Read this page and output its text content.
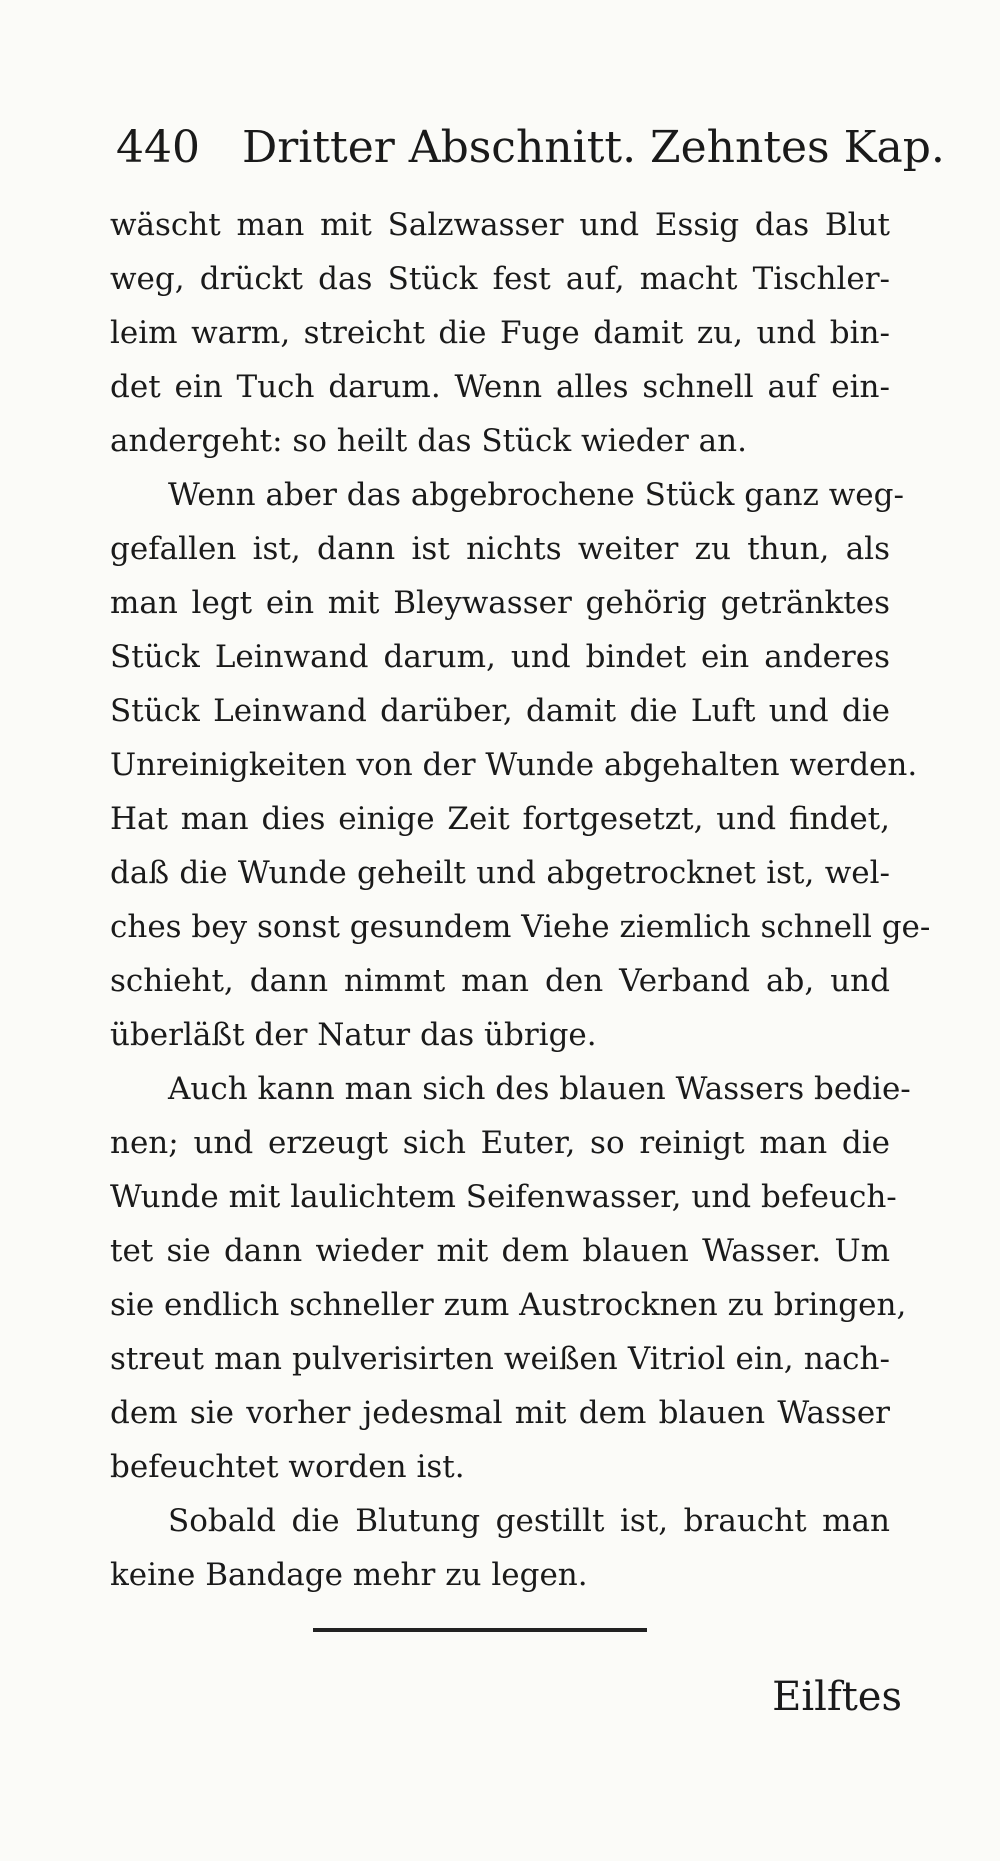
440 Dritter Abschnitt. Zehntes Kap.
wäscht man mit Salzwasser und Essig das Blut
weg, drückt das Stück fest auf, macht Tischler-
leim warm, streicht die Fuge damit zu, und bin-
det ein Tuch darum. Wenn alles schnell auf ein-
andergeht: so heilt das Stück wieder an.
Wenn aber das abgebrochene Stück ganz weg-
gefallen ist, dann ist nichts weiter zu thun, als
man legt ein mit Bleywasser gehörig getränktes
Stück Leinwand darum, und bindet ein anderes
Stück Leinwand darüber, damit die Luft und die
Unreinigkeiten von der Wunde abgehalten werden.
Hat man dies einige Zeit fortgesetzt, und findet,
daß die Wunde geheilt und abgetrocknet ist, wel-
ches bey sonst gesundem Viehe ziemlich schnell ge-
schieht, dann nimmt man den Verband ab, und
überläßt der Natur das übrige.
Auch kann man sich des blauen Wassers bedie-
nen; und erzeugt sich Euter, so reinigt man die
Wunde mit laulichtem Seifenwasser, und befeuch-
tet sie dann wieder mit dem blauen Wasser. Um
sie endlich schneller zum Austrocknen zu bringen,
streut man pulverisirten weißen Vitriol ein, nach-
dem sie vorher jedesmal mit dem blauen Wasser
befeuchtet worden ist.
Sobald die Blutung gestillt ist, braucht man
keine Bandage mehr zu legen.
Eilftes
